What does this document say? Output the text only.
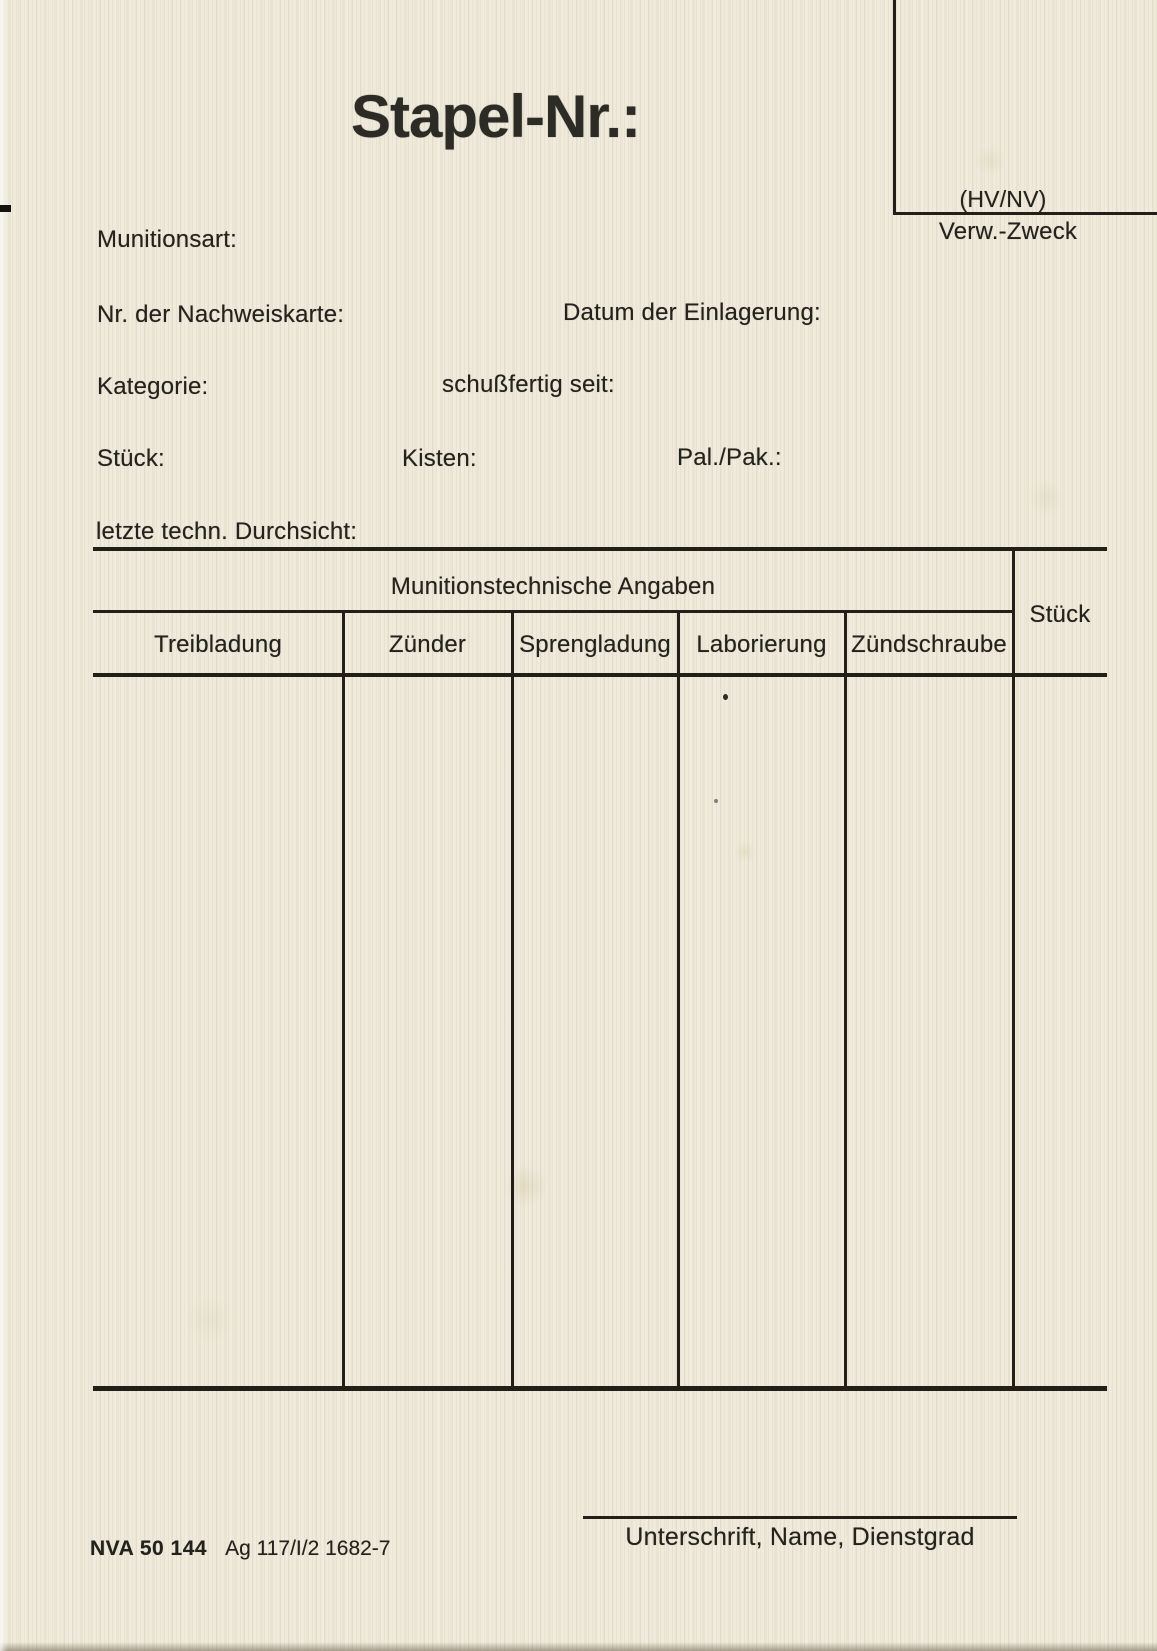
Stapel-Nr.:
(HV/NV)
Verw.-Zweck
Munitionsart:
Nr. der Nachweiskarte:	Datum der Einlagerung:
Kategorie:	schußfertig seit:
Stück:	Kisten:	Pal./Pak.:
letzte techn. Durchsicht:
Munitionstechnische Angaben
Treibladung	Zünder	Sprengladung	Laborierung	Zündschraube
Stück
Unterschrift, Name, Dienstgrad
NVA 50 144 Ag 117/I/2 1682-7
